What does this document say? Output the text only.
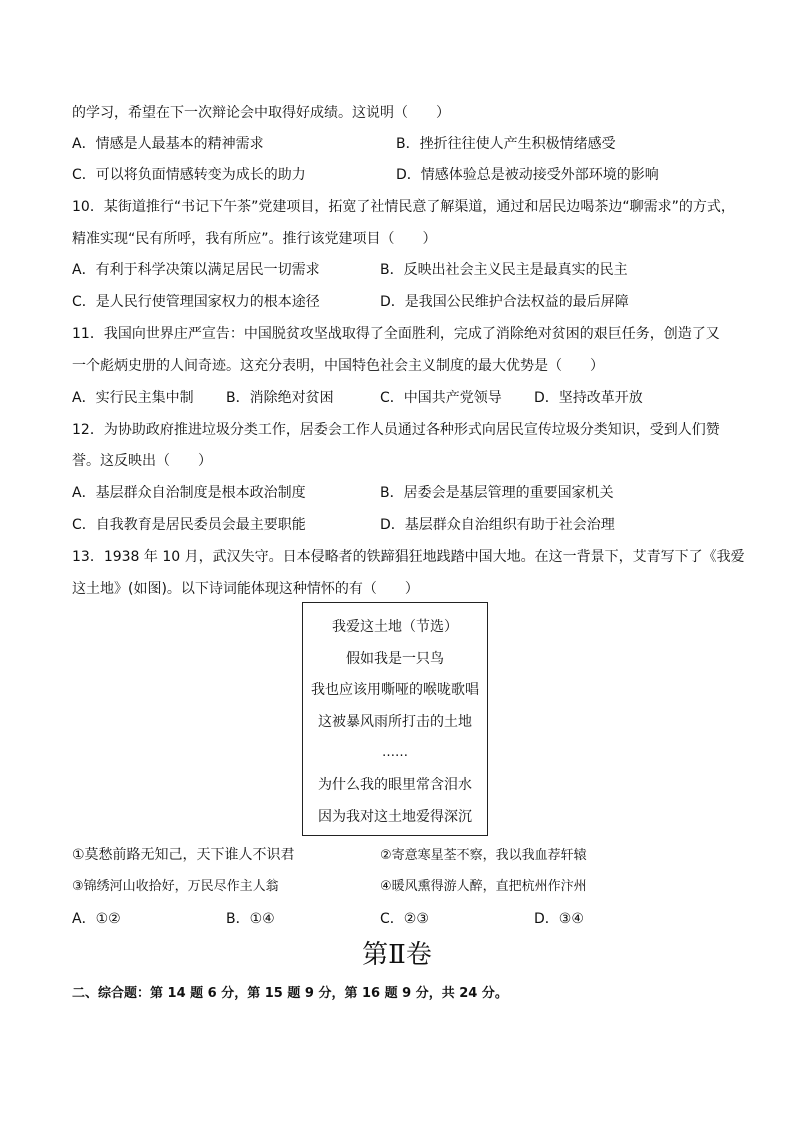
的学习，希望在下一次辩论会中取得好成绩。这说明（　　）
A．情感是人最基本的精神需求	B．挫折往往使人产生积极情绪感受
C．可以将负面情感转变为成长的助力	D．情感体验总是被动接受外部环境的影响
10．某街道推行“书记下午茶”党建项目，拓宽了社情民意了解渠道，通过和居民边喝茶边“聊需求”的方式，
精准实现“民有所呼，我有所应”。推行该党建项目（　　）
A．有利于科学决策以满足居民一切需求	B．反映出社会主义民主是最真实的民主
C．是人民行使管理国家权力的根本途径	D．是我国公民维护合法权益的最后屏障
11．我国向世界庄严宣告：中国脱贫攻坚战取得了全面胜利，完成了消除绝对贫困的艰巨任务，创造了又
一个彪炳史册的人间奇迹。这充分表明，中国特色社会主义制度的最大优势是（　　）
A．实行民主集中制 B．消除绝对贫困	C．中国共产党领导 D．坚持改革开放
12．为协助政府推进垃圾分类工作，居委会工作人员通过各种形式向居民宣传垃圾分类知识，受到人们赞
誉。这反映出（　　）
A．基层群众自治制度是根本政治制度	B．居委会是基层管理的重要国家机关
C．自我教育是居民委员会最主要职能	D．基层群众自治组织有助于社会治理
13．1938 年 10 月，武汉失守。日本侵略者的铁蹄猖狂地践踏中国大地。在这一背景下，艾青写下了《我爱
这土地》(如图)。以下诗词能体现这种情怀的有（　　）
我爱这土地（节选）
假如我是一只鸟
我也应该用嘶哑的喉咙歌唱
这被暴风雨所打击的土地
……
为什么我的眼里常含泪水
因为我对这土地爱得深沉
①莫愁前路无知己，天下谁人不识君	②寄意寒星荃不察，我以我血荐轩辕
③锦绣河山收拾好，万民尽作主人翁	④暖风熏得游人醉，直把杭州作汴州
A．①②	B．①④	C．②③	D．③④
第Ⅱ卷
二、综合题：第 14 题 6 分，第 15 题 9 分，第 16 题 9 分，共 24 分。
